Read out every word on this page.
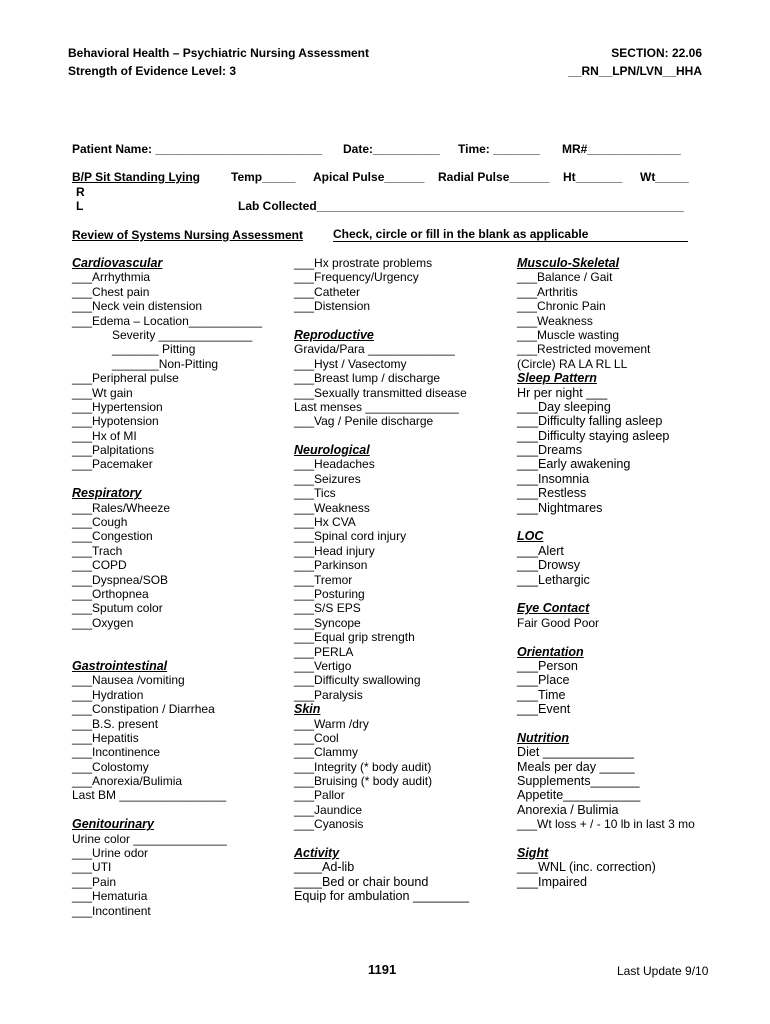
Behavioral Health – Psychiatric Nursing Assessment	SECTION: 22.06
Strength of Evidence Level: 3	__RN__LPN/LVN__HHA
Patient Name: _________________________ Date:__________ Time: _______ MR#______________
B/P Sit Standing Lying	Temp_____ Apical Pulse______ Radial Pulse______ Ht_______ Wt_____
R
L	Lab Collected_______________________________________________________
Review of Systems Nursing Assessment	Check, circle or fill in the blank as applicable
Cardiovascular
___Arrhythmia
___Chest pain
___Neck vein distension
___Edema – Location___________
Severity ______________
_______ Pitting
_______Non-Pitting
___Peripheral pulse
___Wt gain
___Hypertension
___Hypotension
___Hx of MI
___Palpitations
___Pacemaker
Respiratory
___Rales/Wheeze
___Cough
___Congestion
___Trach
___COPD
___Dyspnea/SOB
___Orthopnea
___Sputum color
___Oxygen
Gastrointestinal
___Nausea /vomiting
___Hydration
___Constipation / Diarrhea
___B.S. present
___Hepatitis
___Incontinence
___Colostomy
___Anorexia/Bulimia
Last BM ________________
Genitourinary
Urine color ______________
___Urine odor
___UTI
___Pain
___Hematuria
___Incontinent
___Hx prostrate problems
___Frequency/Urgency
___Catheter
___Distension
Reproductive
Gravida/Para _____________
___Hyst / Vasectomy
___Breast lump / discharge
___Sexually transmitted disease
Last menses ______________
___Vag / Penile discharge
Neurological
___Headaches
___Seizures
___Tics
___Weakness
___Hx CVA
___Spinal cord injury
___Head injury
___Parkinson
___Tremor
___Posturing
___S/S EPS
___Syncope
___Equal grip strength
___PERLA
___Vertigo
___Difficulty swallowing
___Paralysis
Skin
___Warm /dry
___Cool
___Clammy
___Integrity (* body audit)
___Bruising (* body audit)
___Pallor
___Jaundice
___Cyanosis
Activity
____Ad-lib
____Bed or chair bound
Equip for ambulation ________
Musculo-Skeletal
___Balance / Gait
___Arthritis
___Chronic Pain
___Weakness
___Muscle wasting
___Restricted movement
(Circle) RA LA RL LL
Sleep Pattern
Hr per night ___
___Day sleeping
___Difficulty falling asleep
___Difficulty staying asleep
___Dreams
___Early awakening
___Insomnia
___Restless
___Nightmares
LOC
___Alert
___Drowsy
___Lethargic
Eye Contact
Fair Good Poor
Orientation
___Person
___Place
___Time
___Event
Nutrition
Diet _____________
Meals per day _____
Supplements_______
Appetite___________
Anorexia / Bulimia
___Wt loss + / - 10 lb in last 3 mo
Sight
___WNL (inc. correction)
___Impaired
1191	Last Update 9/10
